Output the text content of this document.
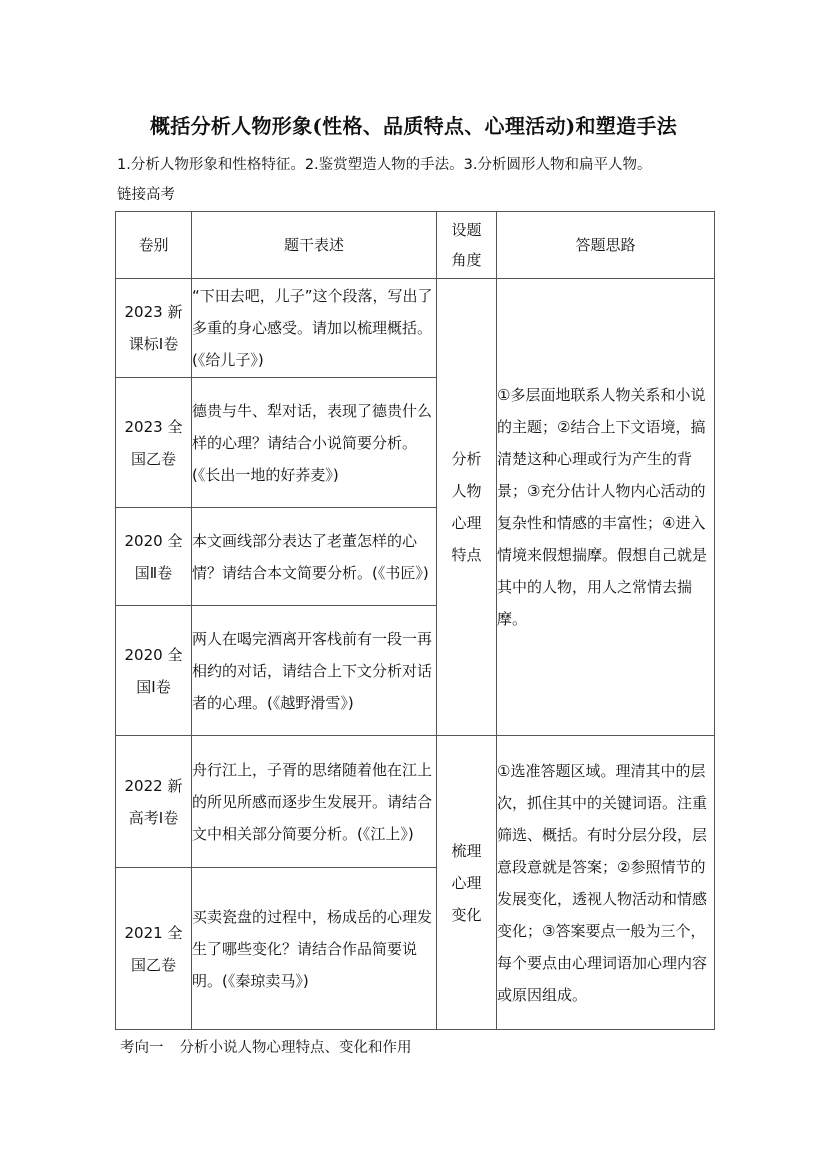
概括分析人物形象(性格、品质特点、心理活动)和塑造手法

1.分析人物形象和性格特征。2.鉴赏塑造人物的手法。3.分析圆形人物和扁平人物。

链接高考

卷别	题干表述	设题角度	答题思路

2023 新课标Ⅰ卷	“下田去吧，儿子”这个段落，写出了多重的身心感受。请加以梳理概括。(《给儿子》)	分析人物心理特点	①多层面地联系人物关系和小说的主题；②结合上下文语境，搞清楚这种心理或行为产生的背景；③充分估计人物内心活动的复杂性和情感的丰富性；④进入情境来假想揣摩。假想自己就是其中的人物，用人之常情去揣摩。

2023 全国乙卷	德贵与牛、犁对话，表现了德贵什么样的心理？请结合小说简要分析。(《长出一地的好荞麦》)		

2020 全国Ⅱ卷	本文画线部分表达了老董怎样的心情？请结合本文简要分析。(《书匠》)		

2020 全国Ⅰ卷	两人在喝完酒离开客栈前有一段一再相约的对话，请结合上下文分析对话者的心理。(《越野滑雪》)		

2022 新高考Ⅰ卷	舟行江上，子胥的思绪随着他在江上的所见所感而逐步生发展开。请结合文中相关部分简要分析。(《江上》)	梳理心理变化	①选准答题区域。理清其中的层次，抓住其中的关键词语。注重筛选、概括。有时分层分段，层意段意就是答案；②参照情节的发展变化，透视人物活动和情感变化；③答案要点一般为三个，每个要点由心理词语加心理内容或原因组成。

2021 全国乙卷	买卖瓷盘的过程中，杨成岳的心理发生了哪些变化？请结合作品简要说明。(《秦琼卖马》)		
考向一 分析小说人物心理特点、变化和作用
